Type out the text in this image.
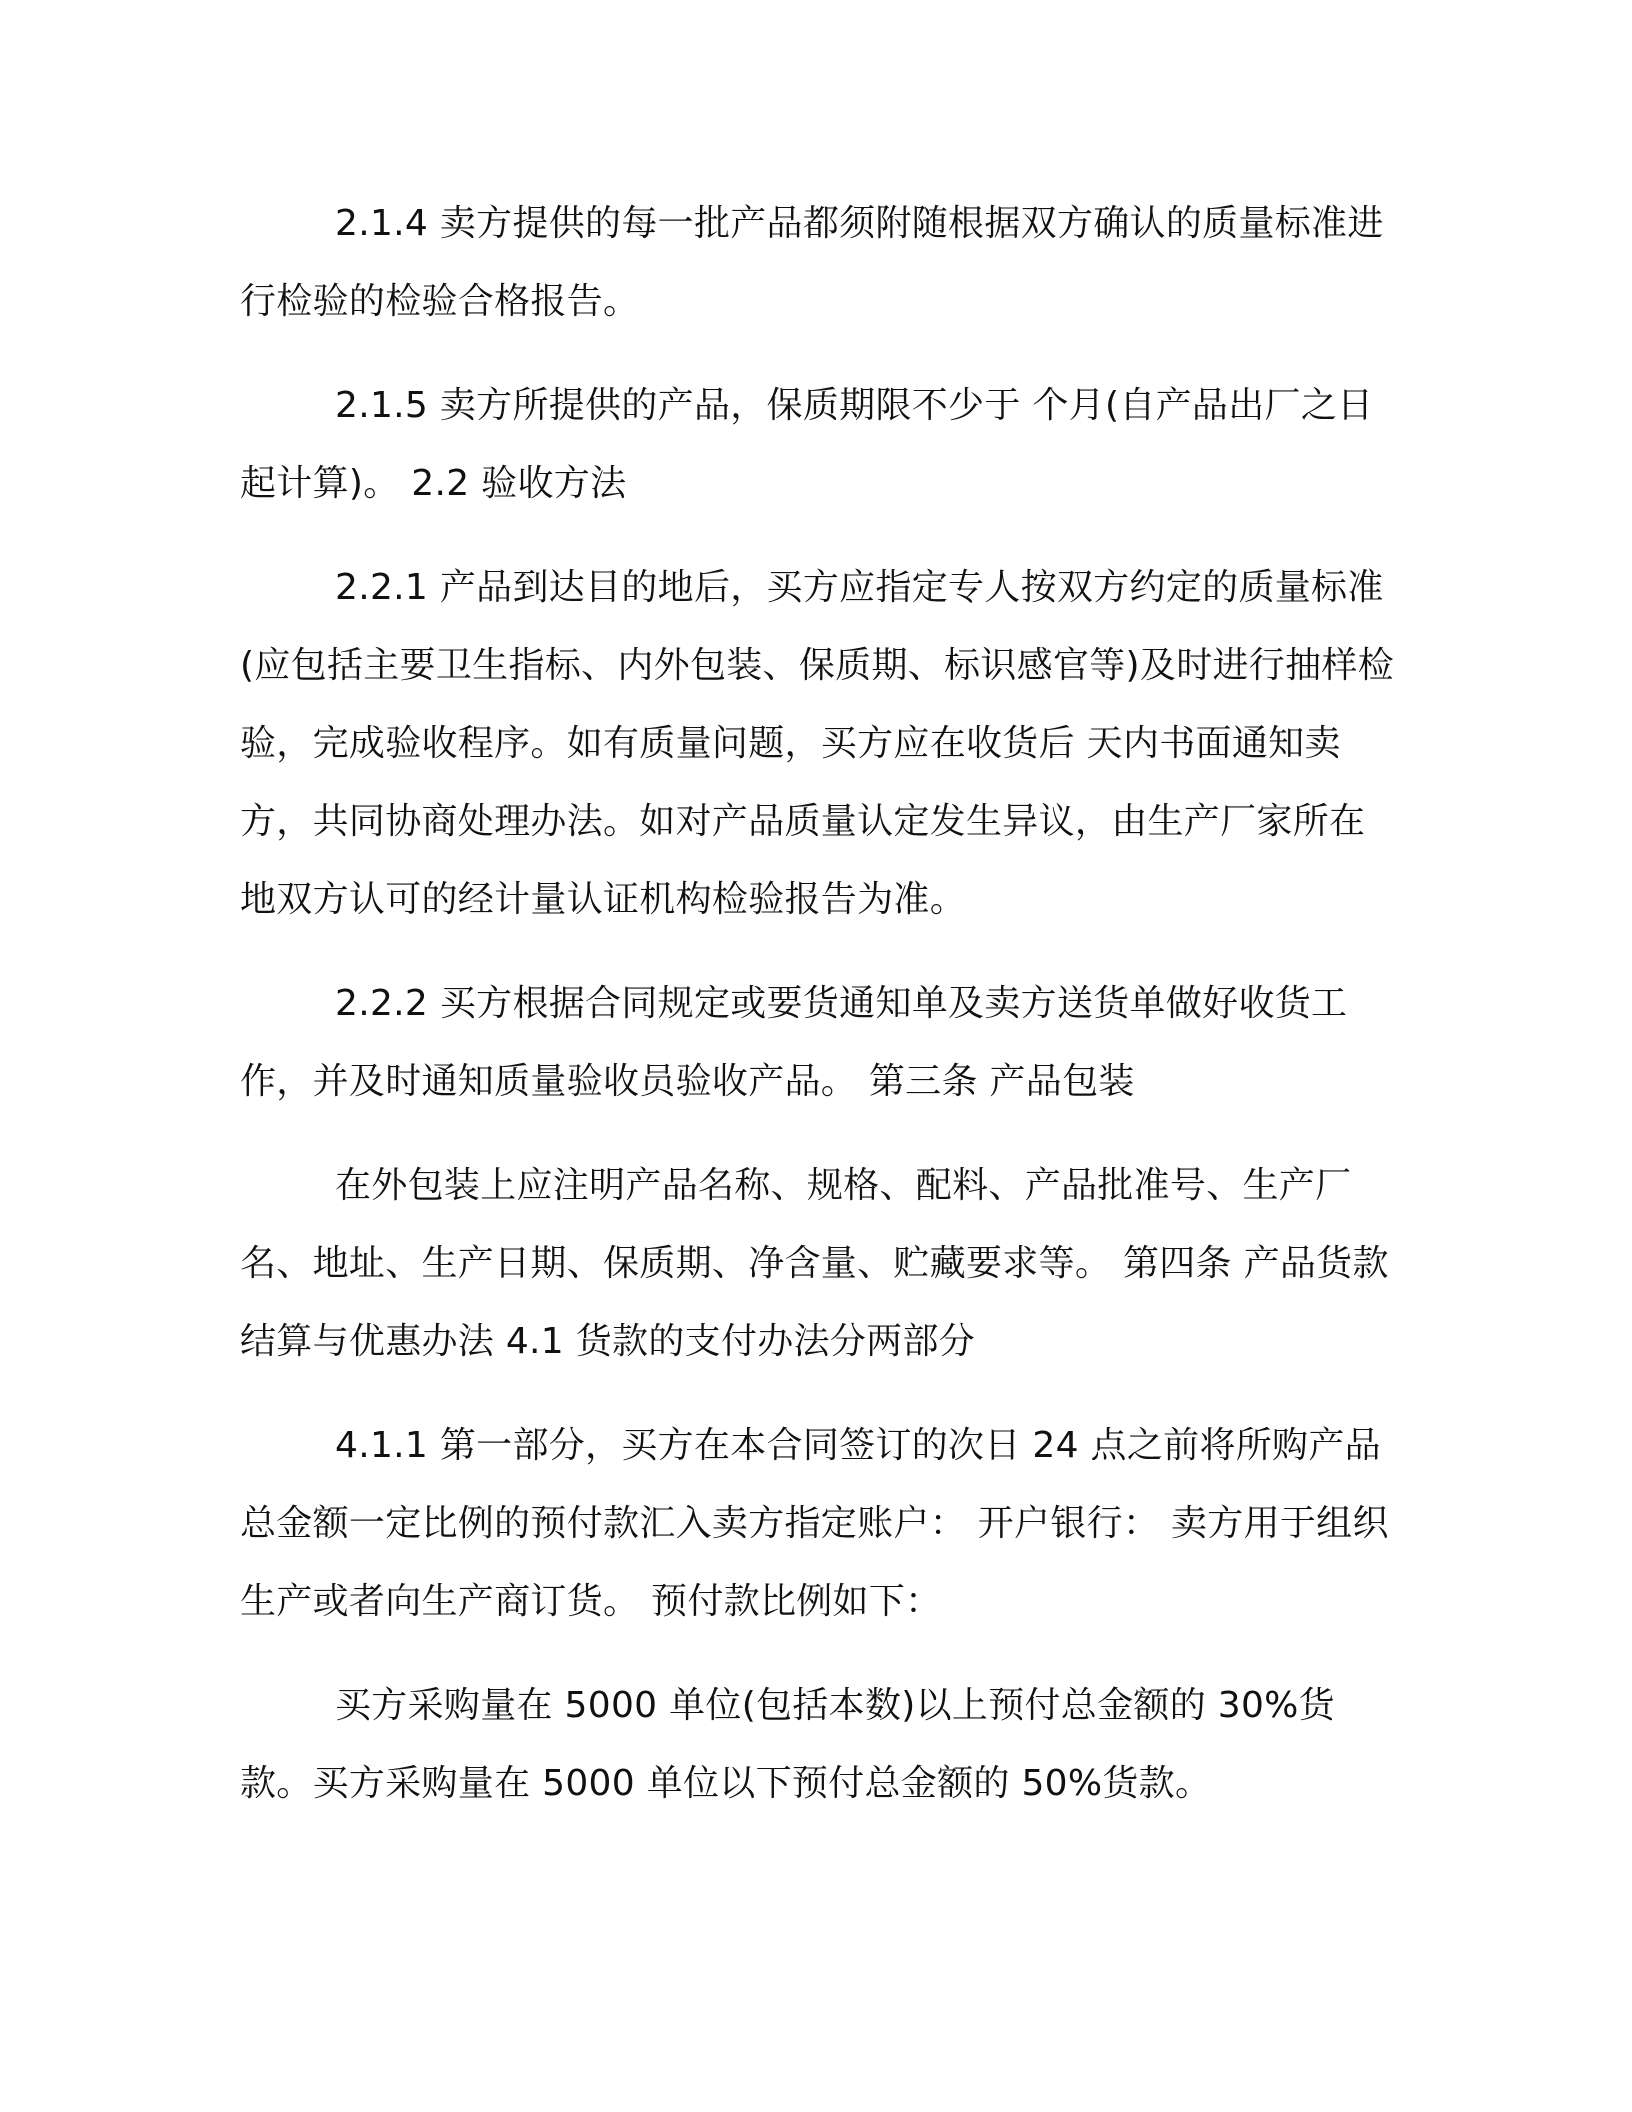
2.1.4 卖方提供的每一批产品都须附随根据双方确认的质量标准进行检验的检验合格报告。

2.1.5 卖方所提供的产品，保质期限不少于 个月(自产品出厂之日起计算)。 2.2 验收方法

2.2.1 产品到达目的地后，买方应指定专人按双方约定的质量标准(应包括主要卫生指标、内外包装、保质期、标识感官等)及时进行抽样检验，完成验收程序。如有质量问题，买方应在收货后 天内书面通知卖方，共同协商处理办法。如对产品质量认定发生异议，由生产厂家所在地双方认可的经计量认证机构检验报告为准。

2.2.2 买方根据合同规定或要货通知单及卖方送货单做好收货工作，并及时通知质量验收员验收产品。 第三条 产品包装

在外包装上应注明产品名称、规格、配料、产品批准号、生产厂名、地址、生产日期、保质期、净含量、贮藏要求等。 第四条 产品货款结算与优惠办法 4.1 货款的支付办法分两部分

4.1.1 第一部分，买方在本合同签订的次日 24 点之前将所购产品总金额一定比例的预付款汇入卖方指定账户： 开户银行： 卖方用于组织生产或者向生产商订货。 预付款比例如下：

买方采购量在 5000 单位(包括本数)以上预付总金额的 30%货款。买方采购量在 5000 单位以下预付总金额的 50%货款。
